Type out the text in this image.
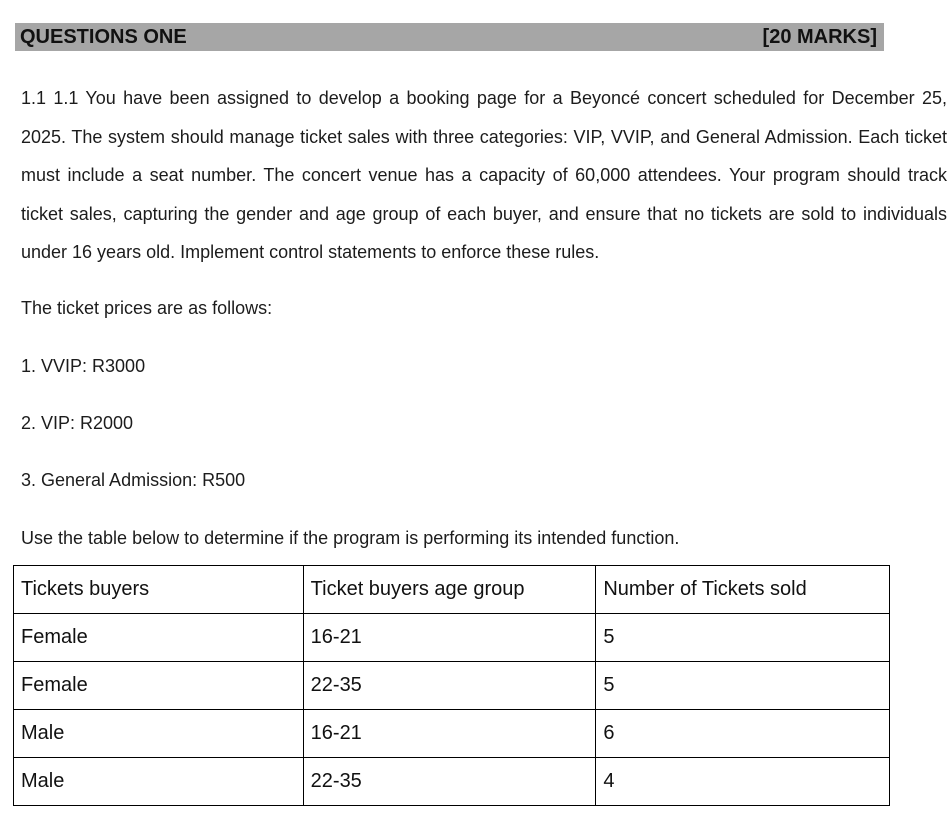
QUESTIONS ONE	[20 MARKS]
1.1 1.1 You have been assigned to develop a booking page for a Beyoncé concert scheduled for December 25, 2025. The system should manage ticket sales with three categories: VIP, VVIP, and General Admission. Each ticket must include a seat number. The concert venue has a capacity of 60,000 attendees. Your program should track ticket sales, capturing the gender and age group of each buyer, and ensure that no tickets are sold to individuals under 16 years old. Implement control statements to enforce these rules.
The ticket prices are as follows:
1. VVIP: R3000
2. VIP: R2000
3. General Admission: R500
Use the table below to determine if the program is performing its intended function.
Tickets buyers	Ticket buyers age group	Number of Tickets sold
Female	16-21	5
Female	22-35	5
Male	16-21	6
Male	22-35	4
